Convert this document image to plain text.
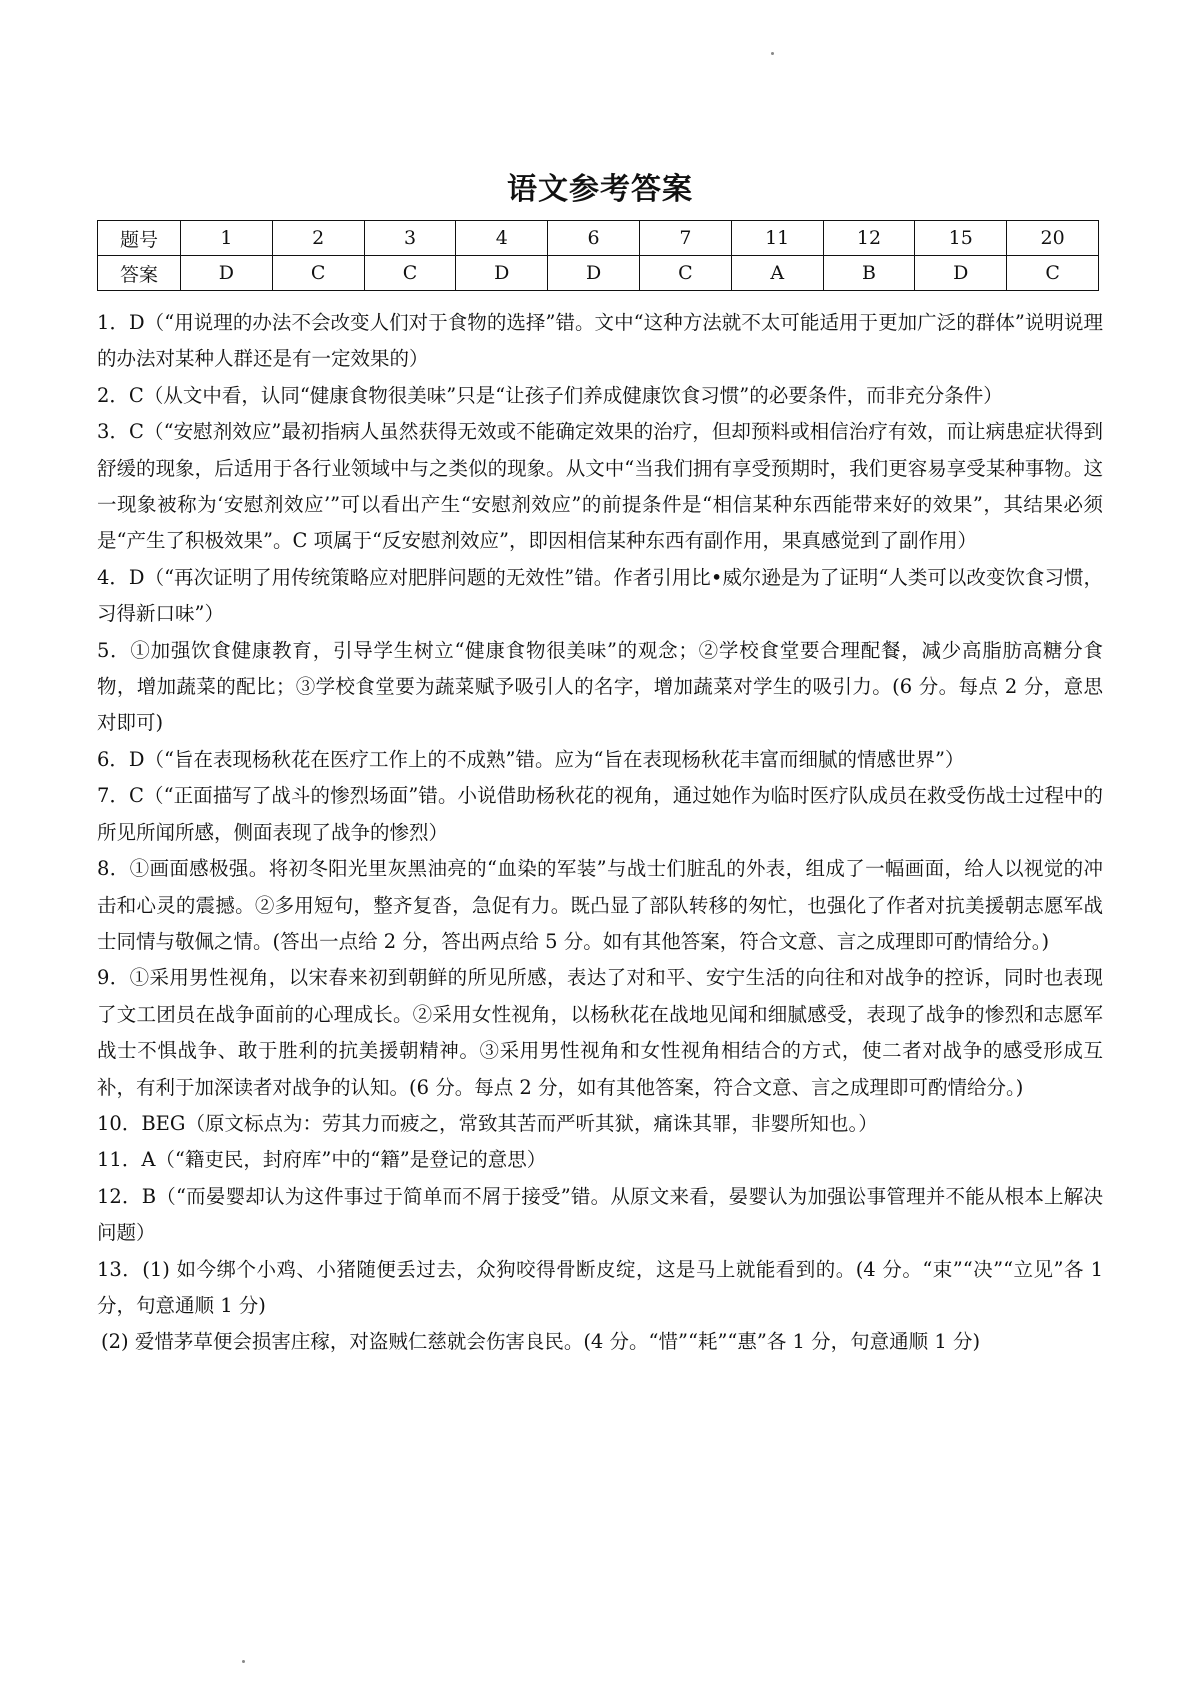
语文参考答案
题号	1	2	3	4	6	7	11	12	15	20
答案	D	C	C	D	D	C	A	B	D	C

1．D（“用说理的办法不会改变人们对于食物的选择”错。文中“这种方法就不太可能适用于更加广泛的群体”说明说理的办法对某种人群还是有一定效果的）

2．C（从文中看，认同“健康食物很美味”只是“让孩子们养成健康饮食习惯”的必要条件，而非充分条件）

3．C（“安慰剂效应”最初指病人虽然获得无效或不能确定效果的治疗，但却预料或相信治疗有效，而让病患症状得到舒缓的现象，后适用于各行业领域中与之类似的现象。从文中“当我们拥有享受预期时，我们更容易享受某种事物。这一现象被称为‘安慰剂效应’”可以看出产生“安慰剂效应”的前提条件是“相信某种东西能带来好的效果”，其结果必须是“产生了积极效果”。C 项属于“反安慰剂效应”，即因相信某种东西有副作用，果真感觉到了副作用）

4．D（“再次证明了用传统策略应对肥胖问题的无效性”错。作者引用比•威尔逊是为了证明“人类可以改变饮食习惯，习得新口味”）

5．①加强饮食健康教育，引导学生树立“健康食物很美味”的观念；②学校食堂要合理配餐，减少高脂肪高糖分食物，增加蔬菜的配比；③学校食堂要为蔬菜赋予吸引人的名字，增加蔬菜对学生的吸引力。(6 分。每点 2 分，意思对即可)

6．D（“旨在表现杨秋花在医疗工作上的不成熟”错。应为“旨在表现杨秋花丰富而细腻的情感世界”）

7．C（“正面描写了战斗的惨烈场面”错。小说借助杨秋花的视角，通过她作为临时医疗队成员在救受伤战士过程中的所见所闻所感，侧面表现了战争的惨烈）

8．①画面感极强。将初冬阳光里灰黑油亮的“血染的军装”与战士们脏乱的外表，组成了一幅画面，给人以视觉的冲击和心灵的震撼。②多用短句，整齐复沓，急促有力。既凸显了部队转移的匆忙，也强化了作者对抗美援朝志愿军战士同情与敬佩之情。(答出一点给 2 分，答出两点给 5 分。如有其他答案，符合文意、言之成理即可酌情给分。)

9．①采用男性视角，以宋春来初到朝鲜的所见所感，表达了对和平、安宁生活的向往和对战争的控诉，同时也表现了文工团员在战争面前的心理成长。②采用女性视角，以杨秋花在战地见闻和细腻感受，表现了战争的惨烈和志愿军战士不惧战争、敢于胜利的抗美援朝精神。③采用男性视角和女性视角相结合的方式，使二者对战争的感受形成互补，有利于加深读者对战争的认知。(6 分。每点 2 分，如有其他答案，符合文意、言之成理即可酌情给分。)

10．BEG（原文标点为：劳其力而疲之，常致其苦而严听其狱，痛诛其罪，非婴所知也。）

11．A（“籍吏民，封府库”中的“籍”是登记的意思）

12．B（“而晏婴却认为这件事过于简单而不屑于接受”错。从原文来看，晏婴认为加强讼事管理并不能从根本上解决问题）

13．(1) 如今绑个小鸡、小猪随便丢过去，众狗咬得骨断皮绽，这是马上就能看到的。(4 分。“束”“决”“立见”各 1 分，句意通顺 1 分)

(2) 爱惜茅草便会损害庄稼，对盗贼仁慈就会伤害良民。(4 分。“惜”“耗”“惠”各 1 分，句意通顺 1 分)
